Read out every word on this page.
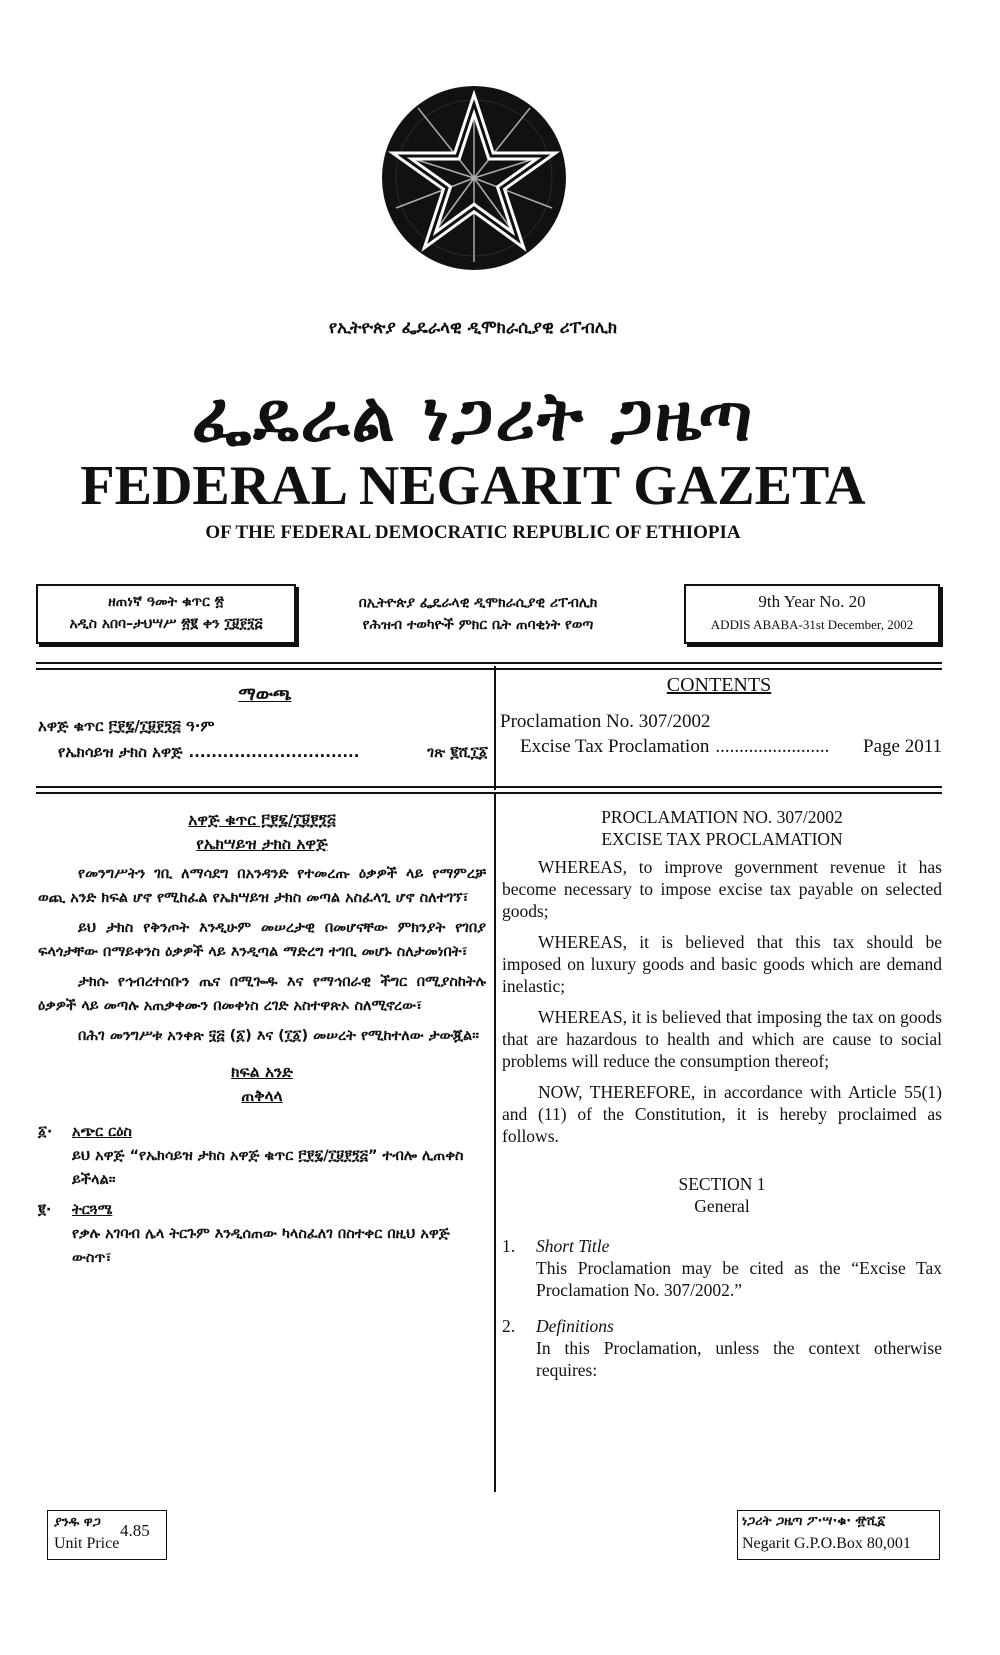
የኢትዮጵያ ፌዴራላዊ ዲሞክራሲያዊ ሪፐብሊክ
ፌዴራል ነጋሪት ጋዜጣ
FEDERAL NEGARIT GAZETA
OF THE FEDERAL DEMOCRATIC REPUBLIC OF ETHIOPIA
ዘጠነኛ ዓመት ቁጥር ፳
አዲስ አበባ–ታህሣሥ ፳፪ ቀን ፲፱፻፺፭
በኢትዮጵያ ፌዴራላዊ ዲሞክራሲያዊ ሪፐብሊክ
የሕዝብ ተወካዮች ምክር ቤት ጠባቂነት የወጣ
9th Year No. 20
ADDIS ABABA-31st December, 2002
ማውጫ
አዋጅ ቁጥር ፫፻፯/፲፱፻፺፭ ዓ·ም
የኤክሳይዝ ታክስ አዋጅ ..............................	ገጽ ፪ሺ፲፩
CONTENTS
Proclamation No. 307/2002
Excise Tax Proclamation ........................	Page 2011
አዋጅ ቁጥር ፫፻፯/፲፱፻፺፭
የኤክሣይዝ ታክስ አዋጅ

የመንግሥትን ገቢ ለማሳደግ በአንዳንድ የተመረጡ ዕቃዎች ላይ የማምረቻ ወጪ አንድ ክፍል ሆኖ የሚከፈል የኤክሣይዝ ታክስ መጣል አስፈላጊ ሆኖ ስለተገኘ፣

ይህ ታክስ የቅንጦት እንዲሁም መሠረታዊ በመሆናቸው ምክንያት የገበያ ፍላጎታቸው በማይቀንስ ዕቃዎች ላይ እንዲጣል ማድረግ ተገቢ መሆኑ ስለታመነበት፣

ታክሱ የኅብረተሰቡን ጤና በሚጐዱ እና የማኅበራዊ ችግር በሚያስከትሉ ዕቃዎች ላይ መጣሉ አጠቃቀሙን በመቀነስ ረገድ አስተዋጽኦ ስለሚኖረው፣

በሕገ መንግሥቱ አንቀጽ ፶፭ (፩) እና (፲፩) መሠረት የሚከተለው ታውጇል።

ክፍል አንድ
ጠቅላላ
፩·	አጭር ርዕስ
ይህ አዋጅ “የኤክሳይዝ ታክስ አዋጅ ቁጥር ፫፻፯/፲፱፻፺፭” ተብሎ ሊጠቀስ ይችላል።
፪·	ትርጓሜ
የቃሉ አገባብ ሌላ ትርጉም እንዲሰጠው ካላስፈለገ በስተቀር በዚህ አዋጅ ውስጥ፣
PROCLAMATION NO. 307/2002
EXCISE TAX PROCLAMATION

WHEREAS, to improve government revenue it has become necessary to impose excise tax payable on selected goods;

WHEREAS, it is believed that this tax should be imposed on luxury goods and basic goods which are demand inelastic;

WHEREAS, it is believed that imposing the tax on goods that are hazardous to health and which are cause to social problems will reduce the consumption thereof;

NOW, THEREFORE, in accordance with Article 55(1) and (11) of the Constitution, it is hereby proclaimed as follows.

SECTION 1
General
1.	Short Title
This Proclamation may be cited as the “Excise Tax Proclamation No. 307/2002.”
2.	Definitions
In this Proclamation, unless the context otherwise requires:
ያንዱ ዋጋ
Unit Price
4.85	ነጋሪት ጋዜጣ ፖ·ሣ·ቁ· ፹ሺ፩
Negarit G.P.O.Box 80,001
